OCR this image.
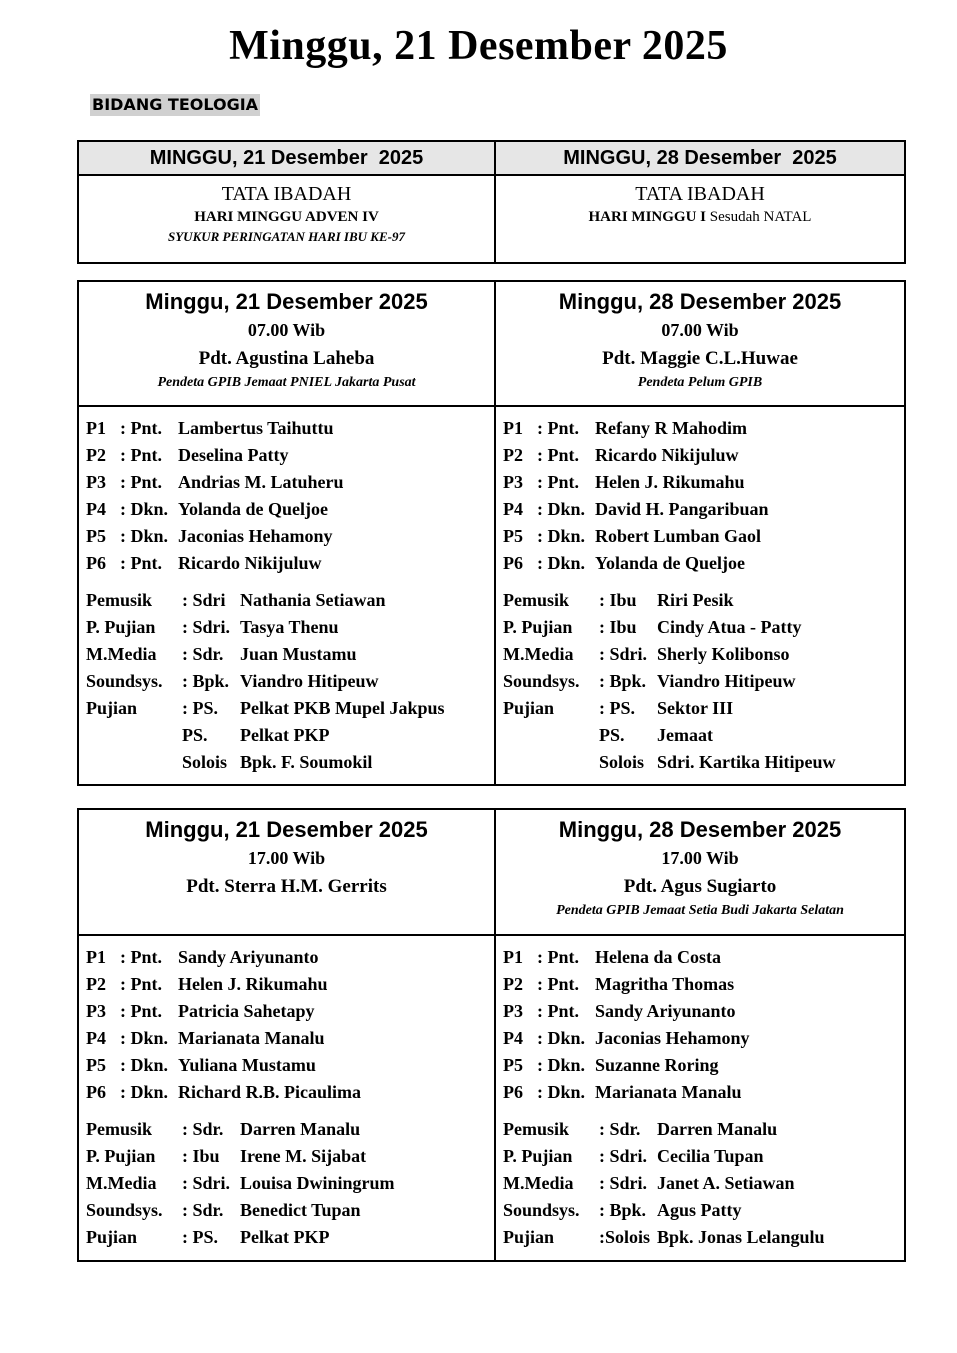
Minggu, 21 Desember 2025
BIDANG TEOLOGIA
MINGGU, 21 Desember  2025	MINGGU, 28 Desember  2025
TATA IBADAH
HARI MINGGU ADVEN IV
SYUKUR PERINGATAN HARI IBU KE-97
TATA IBADAH
HARI MINGGU I Sesudah NATAL
Minggu, 21 Desember 2025
07.00 Wib
Pdt. Agustina Laheba
Pendeta GPIB Jemaat PNIEL Jakarta Pusat
Minggu, 28 Desember 2025
07.00 Wib
Pdt. Maggie C.L.Huwae
Pendeta Pelum GPIB
P1 : Pnt. Lambertus Taihuttu
P2 : Pnt. Deselina Patty
P3 : Pnt. Andrias M. Latuheru
P4 : Dkn. Yolanda de Queljoe
P5 : Dkn. Jaconias Hehamony
P6 : Pnt. Ricardo Nikijuluw
Pemusik : Sdri Nathania Setiawan
P. Pujian : Sdri. Tasya Thenu
M.Media : Sdr. Juan Mustamu
Soundsys. : Bpk. Viandro Hitipeuw
Pujian : PS. Pelkat PKB Mupel Jakpus
PS. Pelkat PKP
Solois Bpk. F. Soumokil
P1 : Pnt. Refany R Mahodim
P2 : Pnt. Ricardo Nikijuluw
P3 : Pnt. Helen J. Rikumahu
P4 : Dkn. David H. Pangaribuan
P5 : Dkn. Robert Lumban Gaol
P6 : Dkn. Yolanda de Queljoe
Pemusik : Ibu Riri Pesik
P. Pujian : Ibu Cindy Atua - Patty
M.Media : Sdri. Sherly Kolibonso
Soundsys. : Bpk. Viandro Hitipeuw
Pujian : PS. Sektor III
PS. Jemaat
Solois Sdri. Kartika Hitipeuw
Minggu, 21 Desember 2025
17.00 Wib
Pdt. Sterra H.M. Gerrits
Minggu, 28 Desember 2025
17.00 Wib
Pdt. Agus Sugiarto
Pendeta GPIB Jemaat Setia Budi Jakarta Selatan
P1 : Pnt. Sandy Ariyunanto
P2 : Pnt. Helen J. Rikumahu
P3 : Pnt. Patricia Sahetapy
P4 : Dkn. Marianata Manalu
P5 : Dkn. Yuliana Mustamu
P6 : Dkn. Richard R.B. Picaulima
Pemusik : Sdr. Darren Manalu
P. Pujian : Ibu Irene M. Sijabat
M.Media : Sdri. Louisa Dwiningrum
Soundsys. : Sdr. Benedict Tupan
Pujian : PS. Pelkat PKP
P1 : Pnt. Helena da Costa
P2 : Pnt. Magritha Thomas
P3 : Pnt. Sandy Ariyunanto
P4 : Dkn. Jaconias Hehamony
P5 : Dkn. Suzanne Roring
P6 : Dkn. Marianata Manalu
Pemusik : Sdr. Darren Manalu
P. Pujian : Sdri. Cecilia Tupan
M.Media : Sdri. Janet A. Setiawan
Soundsys. : Bpk. Agus Patty
Pujian :Solois Bpk. Jonas Lelangulu
